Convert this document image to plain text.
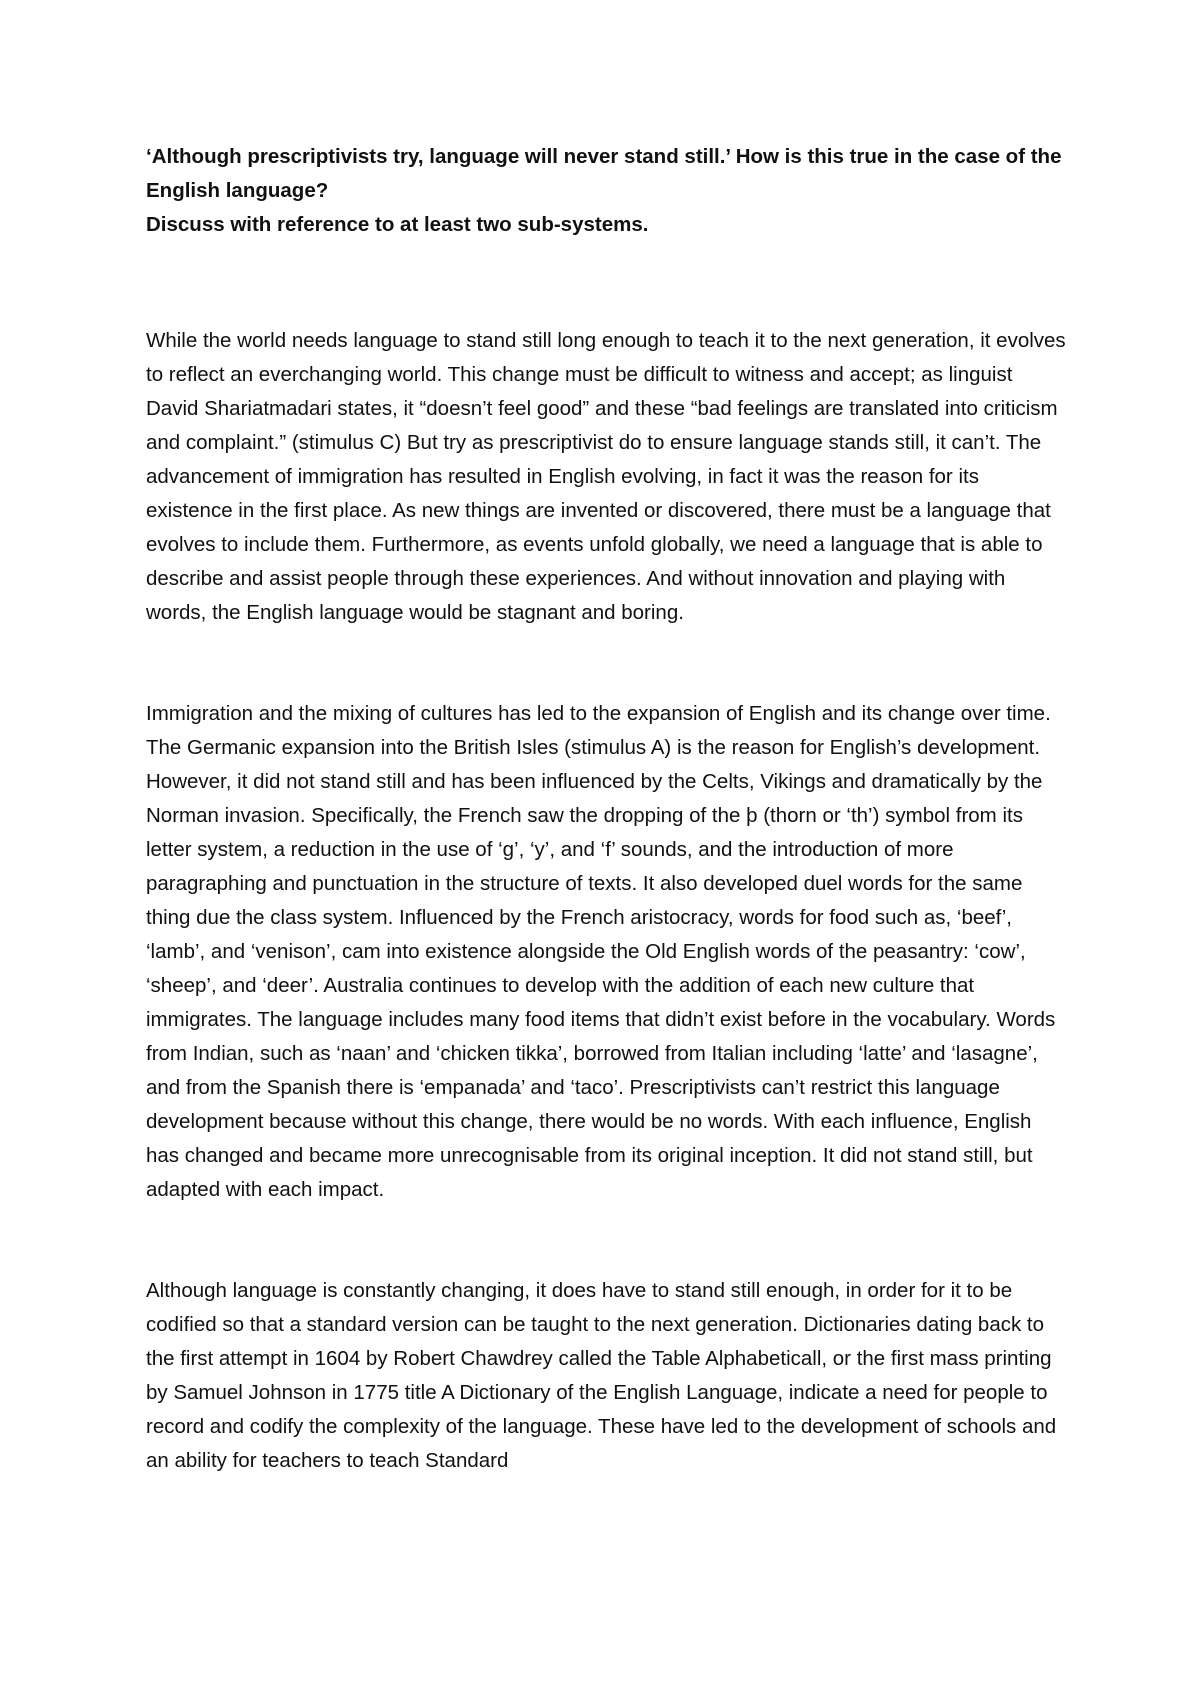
‘Although prescriptivists try, language will never stand still.’ How is this true in the case of the English language?

Discuss with reference to at least two sub-systems.

While the world needs language to stand still long enough to teach it to the next generation, it evolves to reflect an everchanging world. This change must be difficult to witness and accept; as linguist David Shariatmadari states, it “doesn’t feel good” and these “bad feelings are translated into criticism and complaint.” (stimulus C) But try as prescriptivist do to ensure language stands still, it can’t. The advancement of immigration has resulted in English evolving, in fact it was the reason for its existence in the first place. As new things are invented or discovered, there must be a language that evolves to include them. Furthermore, as events unfold globally, we need a language that is able to describe and assist people through these experiences. And without innovation and playing with words, the English language would be stagnant and boring.

Immigration and the mixing of cultures has led to the expansion of English and its change over time. The Germanic expansion into the British Isles (stimulus A) is the reason for English’s development. However, it did not stand still and has been influenced by the Celts, Vikings and dramatically by the Norman invasion. Specifically, the French saw the dropping of the þ (thorn or ‘th’) symbol from its letter system, a reduction in the use of ‘g’, ‘y’, and ‘f’ sounds, and the introduction of more paragraphing and punctuation in the structure of texts. It also developed duel words for the same thing due the class system. Influenced by the French aristocracy, words for food such as, ‘beef’, ‘lamb’, and ‘venison’, cam into existence alongside the Old English words of the peasantry: ‘cow’, ‘sheep’, and ‘deer’. Australia continues to develop with the addition of each new culture that immigrates. The language includes many food items that didn’t exist before in the vocabulary. Words from Indian, such as ‘naan’ and ‘chicken tikka’, borrowed from Italian including ‘latte’ and ‘lasagne’, and from the Spanish there is ‘empanada’ and ‘taco’. Prescriptivists can’t restrict this language development because without this change, there would be no words. With each influence, English has changed and became more unrecognisable from its original inception. It did not stand still, but adapted with each impact.

Although language is constantly changing, it does have to stand still enough, in order for it to be codified so that a standard version can be taught to the next generation. Dictionaries dating back to the first attempt in 1604 by Robert Chawdrey called the Table Alphabeticall, or the first mass printing by Samuel Johnson in 1775 title A Dictionary of the English Language, indicate a need for people to record and codify the complexity of the language. These have led to the development of schools and an ability for teachers to teach Standard
